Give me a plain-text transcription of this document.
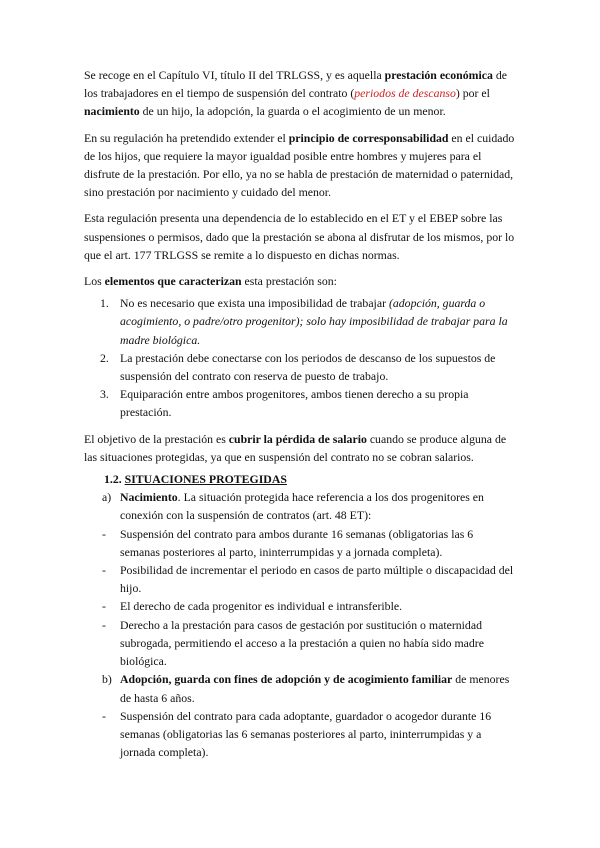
Se recoge en el Capítulo VI, título II del TRLGSS, y es aquella prestación económica de los trabajadores en el tiempo de suspensión del contrato (periodos de descanso) por el nacimiento de un hijo, la adopción, la guarda o el acogimiento de un menor.

En su regulación ha pretendido extender el principio de corresponsabilidad en el cuidado de los hijos, que requiere la mayor igualdad posible entre hombres y mujeres para el disfrute de la prestación. Por ello, ya no se habla de prestación de maternidad o paternidad, sino prestación por nacimiento y cuidado del menor.

Esta regulación presenta una dependencia de lo establecido en el ET y el EBEP sobre las suspensiones o permisos, dado que la prestación se abona al disfrutar de los mismos, por lo que el art. 177 TRLGSS se remite a lo dispuesto en dichas normas.

Los elementos que caracterizan esta prestación son:

1. No es necesario que exista una imposibilidad de trabajar (adopción, guarda o acogimiento, o padre/otro progenitor); solo hay imposibilidad de trabajar para la madre biológica.
2. La prestación debe conectarse con los periodos de descanso de los supuestos de suspensión del contrato con reserva de puesto de trabajo.
3. Equiparación entre ambos progenitores, ambos tienen derecho a su propia prestación.

El objetivo de la prestación es cubrir la pérdida de salario cuando se produce alguna de las situaciones protegidas, ya que en suspensión del contrato no se cobran salarios.

1.2. SITUACIONES PROTEGIDAS
a) Nacimiento. La situación protegida hace referencia a los dos progenitores en conexión con la suspensión de contratos (art. 48 ET):
- Suspensión del contrato para ambos durante 16 semanas (obligatorias las 6 semanas posteriores al parto, ininterrumpidas y a jornada completa).
- Posibilidad de incrementar el periodo en casos de parto múltiple o discapacidad del hijo.
- El derecho de cada progenitor es individual e intransferible.
- Derecho a la prestación para casos de gestación por sustitución o maternidad subrogada, permitiendo el acceso a la prestación a quien no había sido madre biológica.
b) Adopción, guarda con fines de adopción y de acogimiento familiar de menores de hasta 6 años.
- Suspensión del contrato para cada adoptante, guardador o acogedor durante 16 semanas (obligatorias las 6 semanas posteriores al parto, ininterrumpidas y a jornada completa).
